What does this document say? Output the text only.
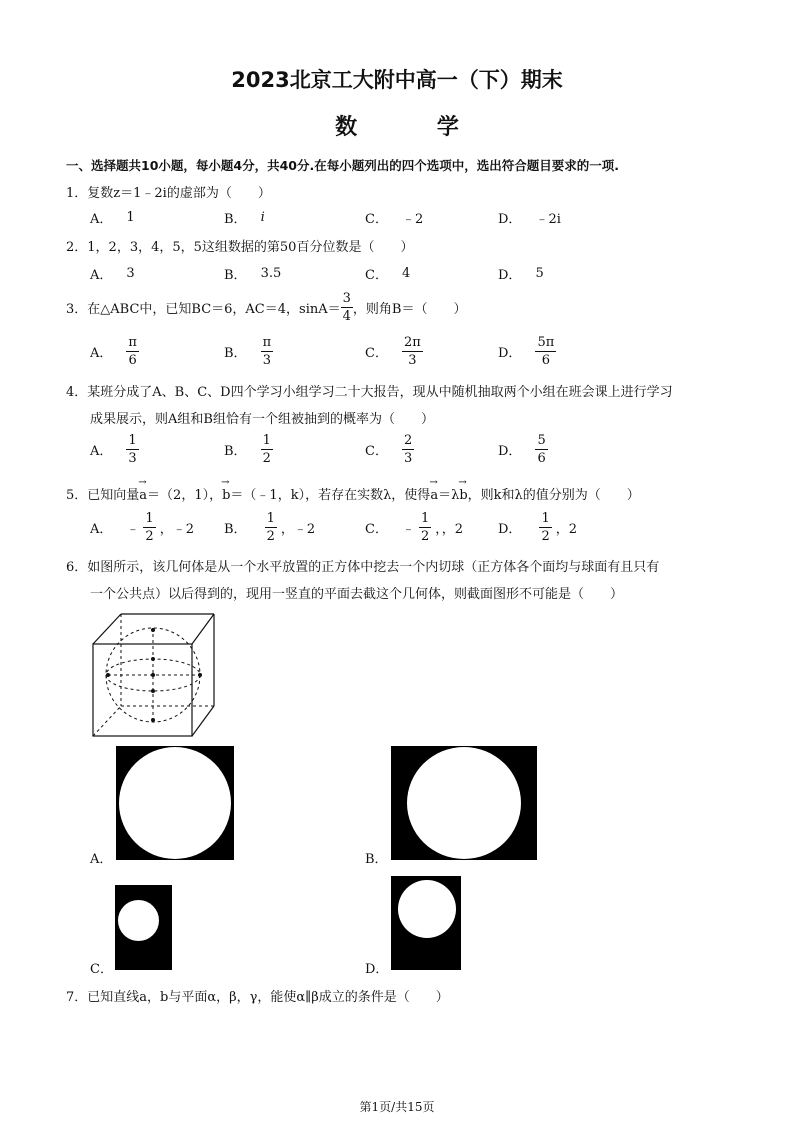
2023北京工大附中高一（下）期末
数 学
一、选择题共10小题，每小题4分，共40分.在每小题列出的四个选项中，选出符合题目要求的一项.
1．复数z＝1﹣2i的虚部为（　　）
A． 1	B． i	C． ﹣2	D． ﹣2i
2．1，2，3，4，5，5这组数据的第50百分位数是（　　）
A． 3	B． 3.5	C． 4	D． 5
3．在△ABC中，已知BC＝6，AC＝4，$\sin A= \frac{3}{4}$ ，则角B＝（　　）
A． $\frac{\pi}{6}$	B． $\frac{\pi}{3}$	C． $\frac{2\pi}{3}$	D． $\frac{5\pi}{6}$
4．某班分成了A、B、C、D四个学习小组学习二十大报告，现从中随机抽取两个小组在班会课上进行学习
成果展示，则A组和B组恰有一个组被抽到的概率为（　　）
A． $\frac{1}{3}$	B． $\frac{1}{2}$	C． $\frac{2}{3}$	D． $\frac{5}{6}$
5．已知向量→ a＝（2，1），→ b＝（﹣1，k），若存在实数λ，使得→ a＝λ→ b，则k和λ的值分别为（　　）
A． ﹣ $\frac{1}{2}$ ，﹣2 B． $\frac{1}{2}$ ，﹣2	C． ﹣ $\frac{1}{2}$ ，，2	D． $\frac{1}{2}$ ，2
6．如图所示，该几何体是从一个水平放置的正方体中挖去一个内切球（正方体各个面均与球面有且只有
一个公共点）以后得到的，现用一竖直的平面去截这个几何体，则截面图形不可能是（　　）
A．	B．
C．	D．
7．已知直线a，b与平面α，β，γ，能使α∥β成立的条件是（　　）
第1页/共15页
